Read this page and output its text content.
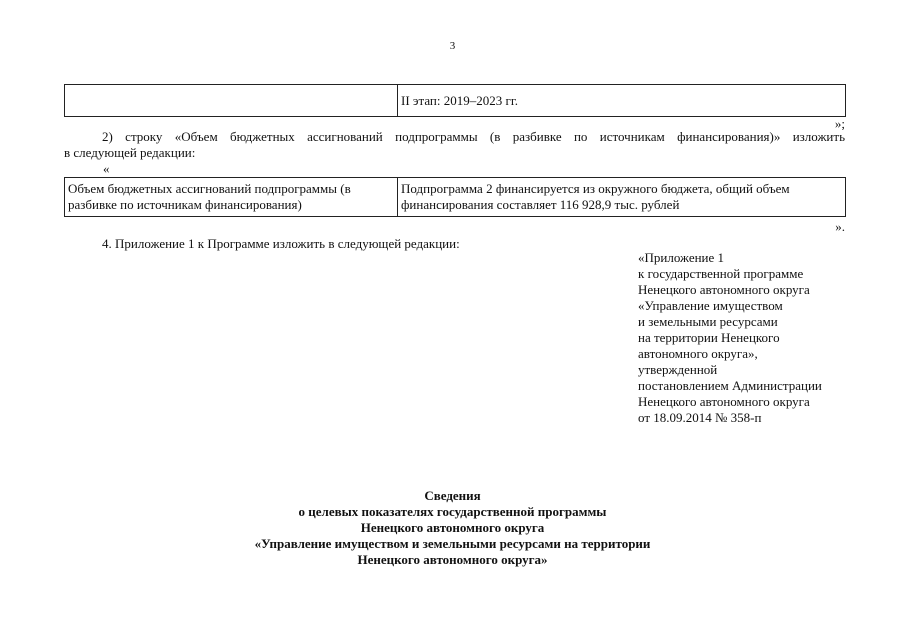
3
	II этап: 2019–2023 гг.
»;
2) строку «Объем бюджетных ассигнований подпрограммы (в разбивке по источникам финансирования)» изложить
в следующей редакции:
«
Объем бюджетных ассигнований подпрограммы (в разбивке по источникам финансирования)	Подпрограмма 2 финансируется из окружного бюджета, общий объем финансирования составляет 116 928,9 тыс. рублей
».
4. Приложение 1 к Программе изложить в следующей редакции:
«Приложение 1
к государственной программе
Ненецкого автономного округа
«Управление имуществом
и земельными ресурсами
на территории Ненецкого
автономного округа»,
утвержденной
постановлением Администрации
Ненецкого автономного округа
от 18.09.2014 № 358-п
Сведения
о целевых показателях государственной программы
Ненецкого автономного округа
«Управление имуществом и земельными ресурсами на территории
Ненецкого автономного округа»
